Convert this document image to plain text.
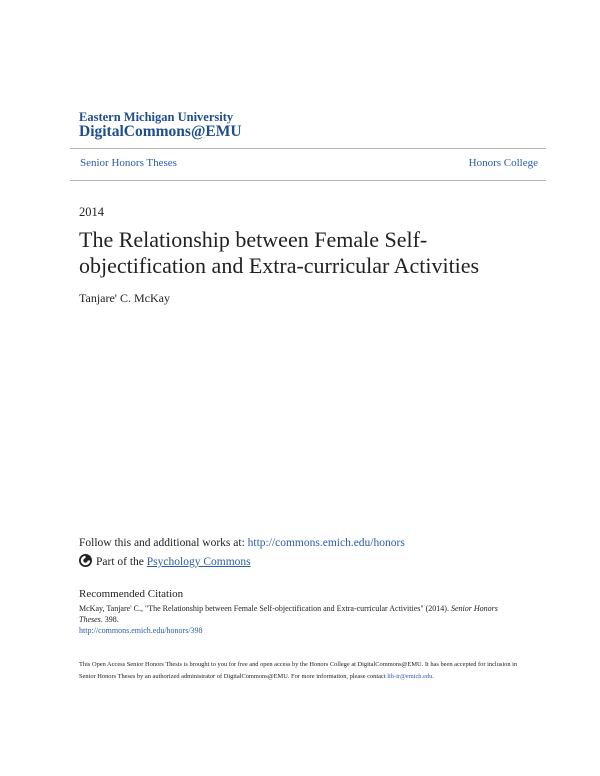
Eastern Michigan University
DigitalCommons@EMU
Senior Honors Theses	Honors College
2014
The Relationship between Female Self-objectification and Extra-curricular Activities
Tanjare' C. McKay
Follow this and additional works at: http://commons.emich.edu/honors
Part of the
Psychology Commons
Recommended Citation
McKay, Tanjare' C., "The Relationship between Female Self-objectification and Extra-curricular Activities" (2014). Senior Honors Theses. 398.
http://commons.emich.edu/honors/398
This Open Access Senior Honors Thesis is brought to you for free and open access by the Honors College at DigitalCommons@EMU. It has been accepted for inclusion in Senior Honors Theses by an authorized administrator of DigitalCommons@EMU. For more information, please contact lib-ir@emich.edu.
